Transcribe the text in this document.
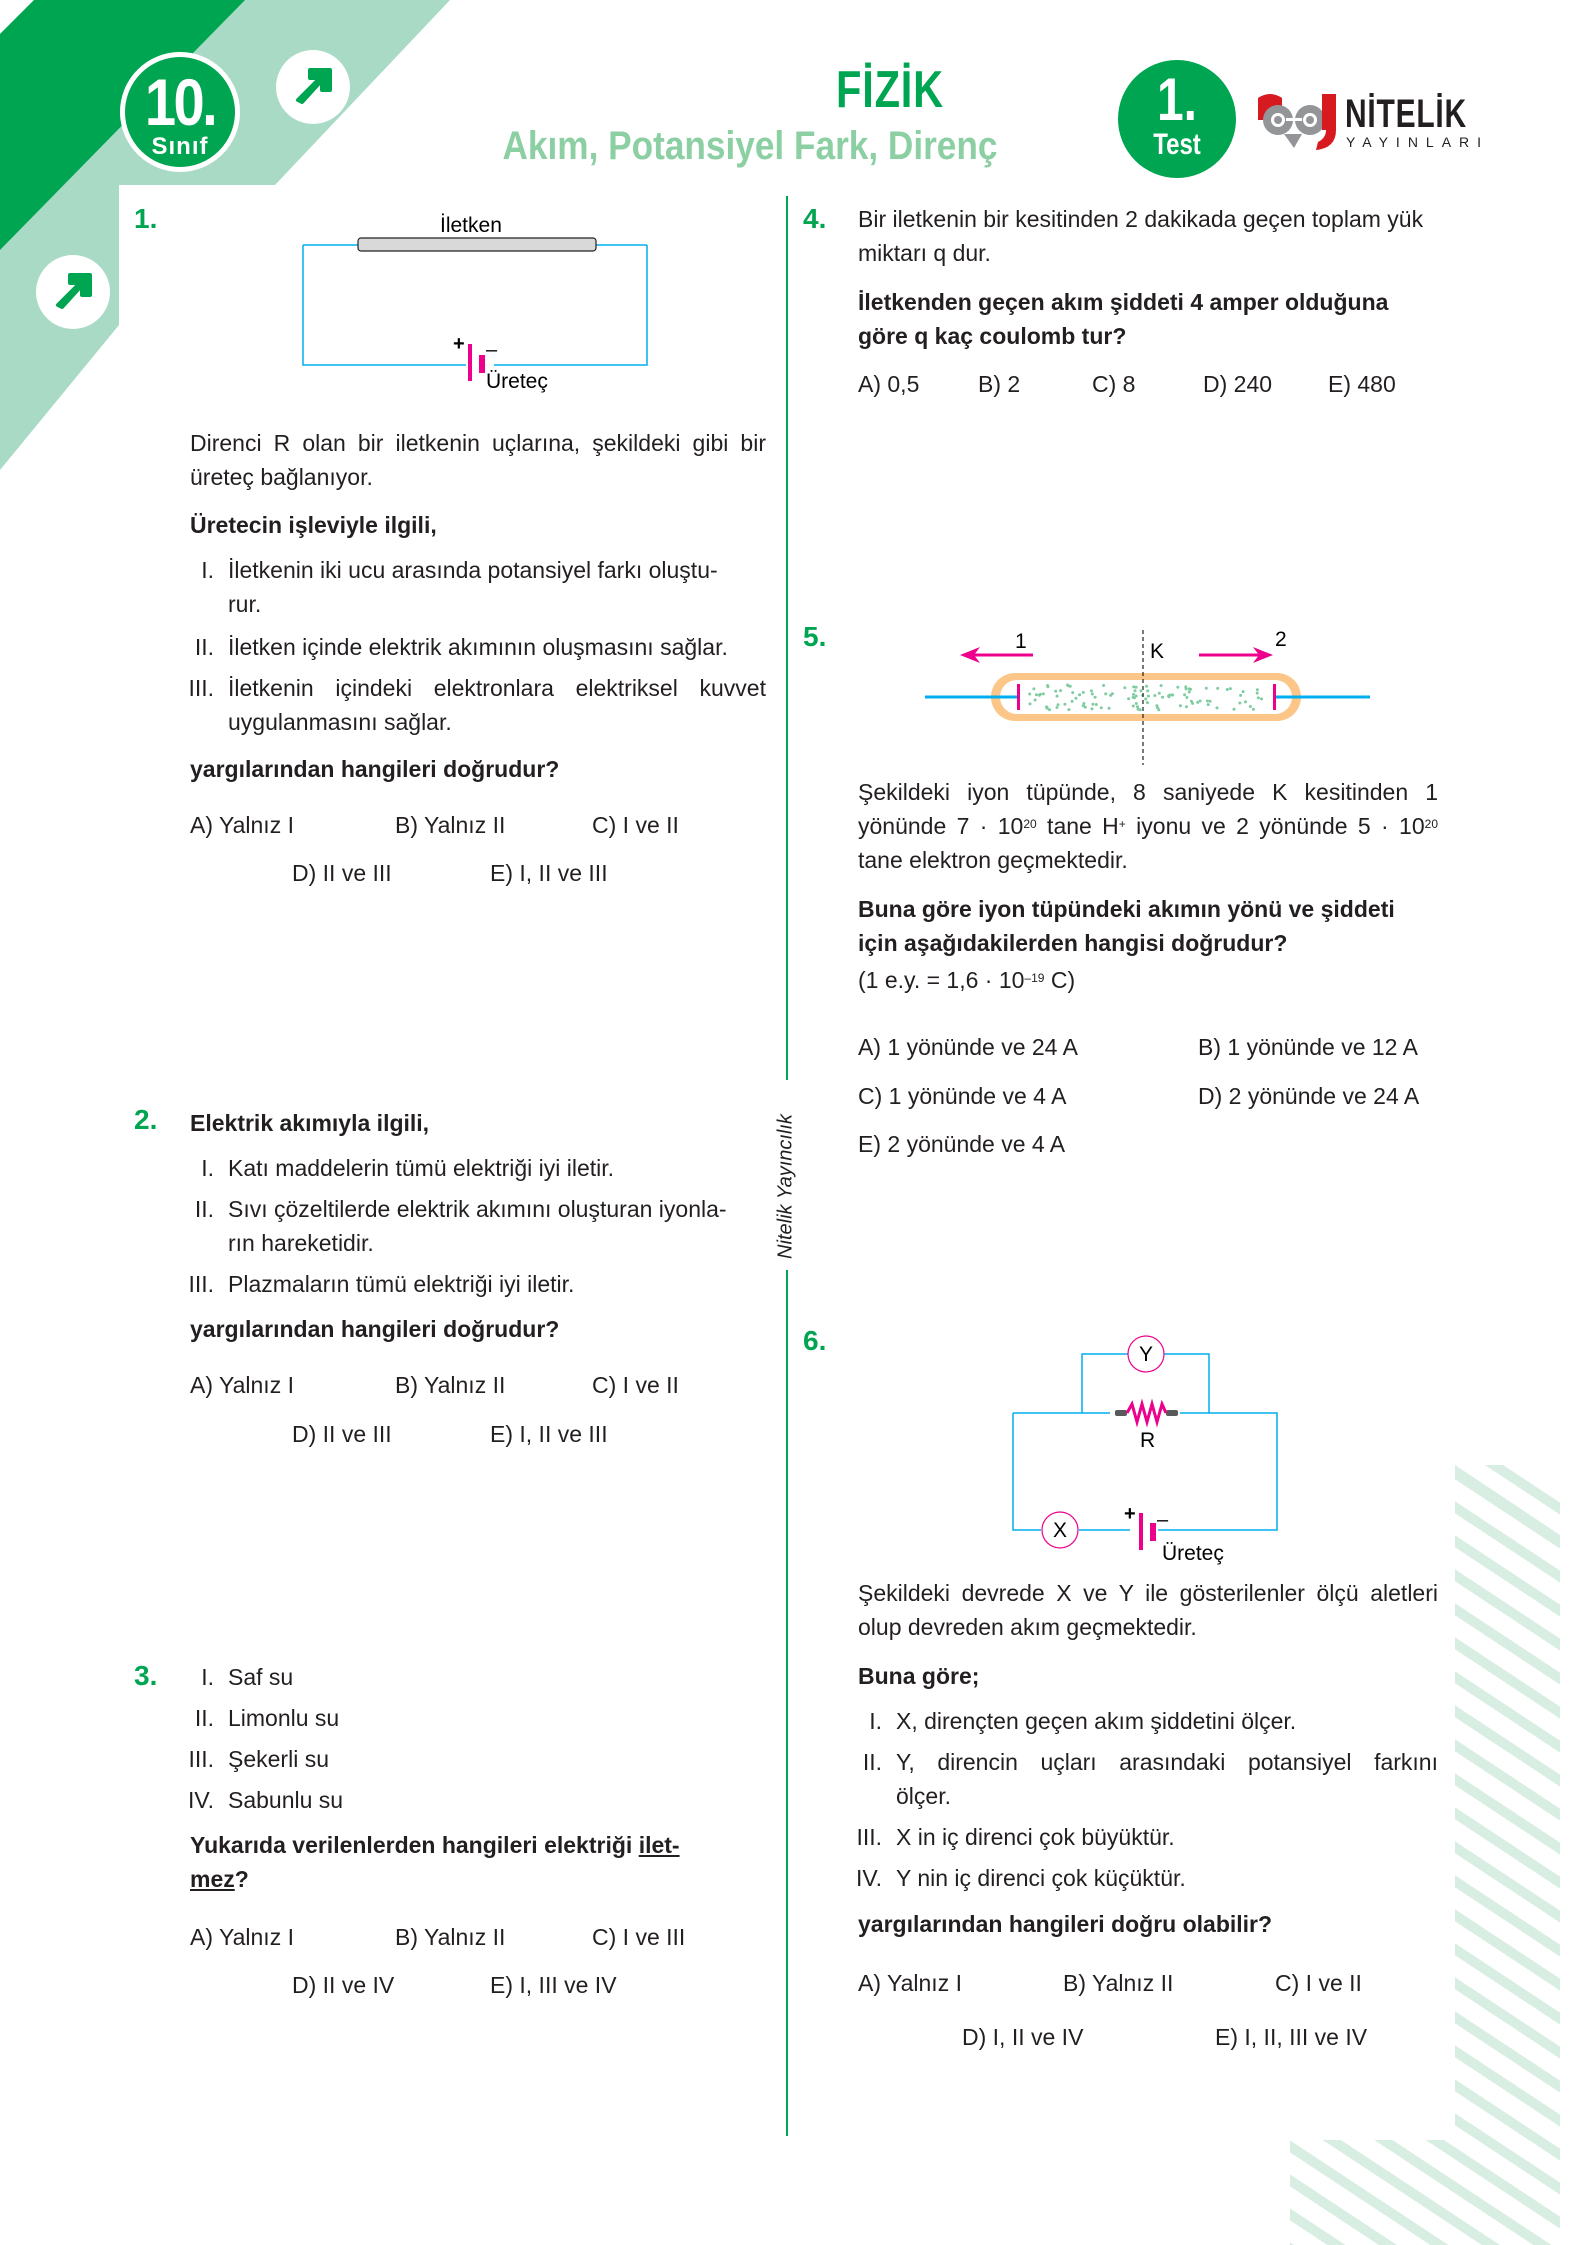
10.
Sınıf
FİZİK
Akım, Potansiyel Fark, Direnç
1.
Test
NİTELİK
YAYINLARI
Nitelik Yayıncılık
1.
+ –
İletken
Üreteç
Direnci R olan bir iletkenin uçlarına, şekildeki gibi bir üreteç bağlanıyor.
Üretecin işleviyle ilgili,
I. İletkenin iki ucu arasında potansiyel farkı oluştu-
rur.
II. İletken içinde elektrik akımının oluşmasını sağlar.
III. İletkenin içindeki elektronlara elektriksel kuvvet
uygulanmasını sağlar.
yargılarından hangileri doğrudur?
A) Yalnız I	B) Yalnız II	C) I ve II
D) II ve III	E) I, II ve III
2. Elektrik akımıyla ilgili,
I. Katı maddelerin tümü elektriği iyi iletir.
II. Sıvı çözeltilerde elektrik akımını oluşturan iyonla-
rın hareketidir.
III. Plazmaların tümü elektriği iyi iletir.
yargılarından hangileri doğrudur?
A) Yalnız I	B) Yalnız II	C) I ve II
D) II ve III	E) I, II ve III
3.	I. Saf su
II. Limonlu su
III. Şekerli su
IV. Sabunlu su
Yukarıda verilenlerden hangileri elektriği ilet-
mez?
A) Yalnız I	B) Yalnız II	C) I ve III
D) II ve IV	E) I, III ve IV
4. Bir iletkenin bir kesitinden 2 dakikada geçen toplam yük miktarı q dur.
İletkenden geçen akım şiddeti 4 amper olduğuna göre q kaç coulomb tur?
A) 0,5	B) 2	C) 8	D) 240 E) 480
5.	1	2
K
Şekildeki iyon tüpünde, 8 saniyede K kesitinden 1 yönünde $7 \cdot 10^{20}$ tane H+ iyonu ve 2 yönünde $5 \cdot 10^{20}$ tane elektron geçmektedir.
Buna göre iyon tüpündeki akımın yönü ve şiddeti için aşağıdakilerden hangisi doğrudur?
(1 e.y. = $1,6 \cdot 10^{-19}$ C)
A) 1 yönünde ve 24 A	B) 1 yönünde ve 12 A
C) 1 yönünde ve 4 A	D) 2 yönünde ve 24 A
E) 2 yönünde ve 4 A
6.
+ –
Y
X
R
Üreteç
Şekildeki devrede X ve Y ile gösterilenler ölçü aletleri olup devreden akım geçmektedir.
Buna göre;
I. X, dirençten geçen akım şiddetini ölçer.
II. Y, direncin uçları arasındaki potansiyel farkını
ölçer.
III. X in iç direnci çok büyüktür.
IV. Y nin iç direnci çok küçüktür.
yargılarından hangileri doğru olabilir?
A) Yalnız I	B) Yalnız II	C) I ve II
D) I, II ve IV	E) I, II, III ve IV
